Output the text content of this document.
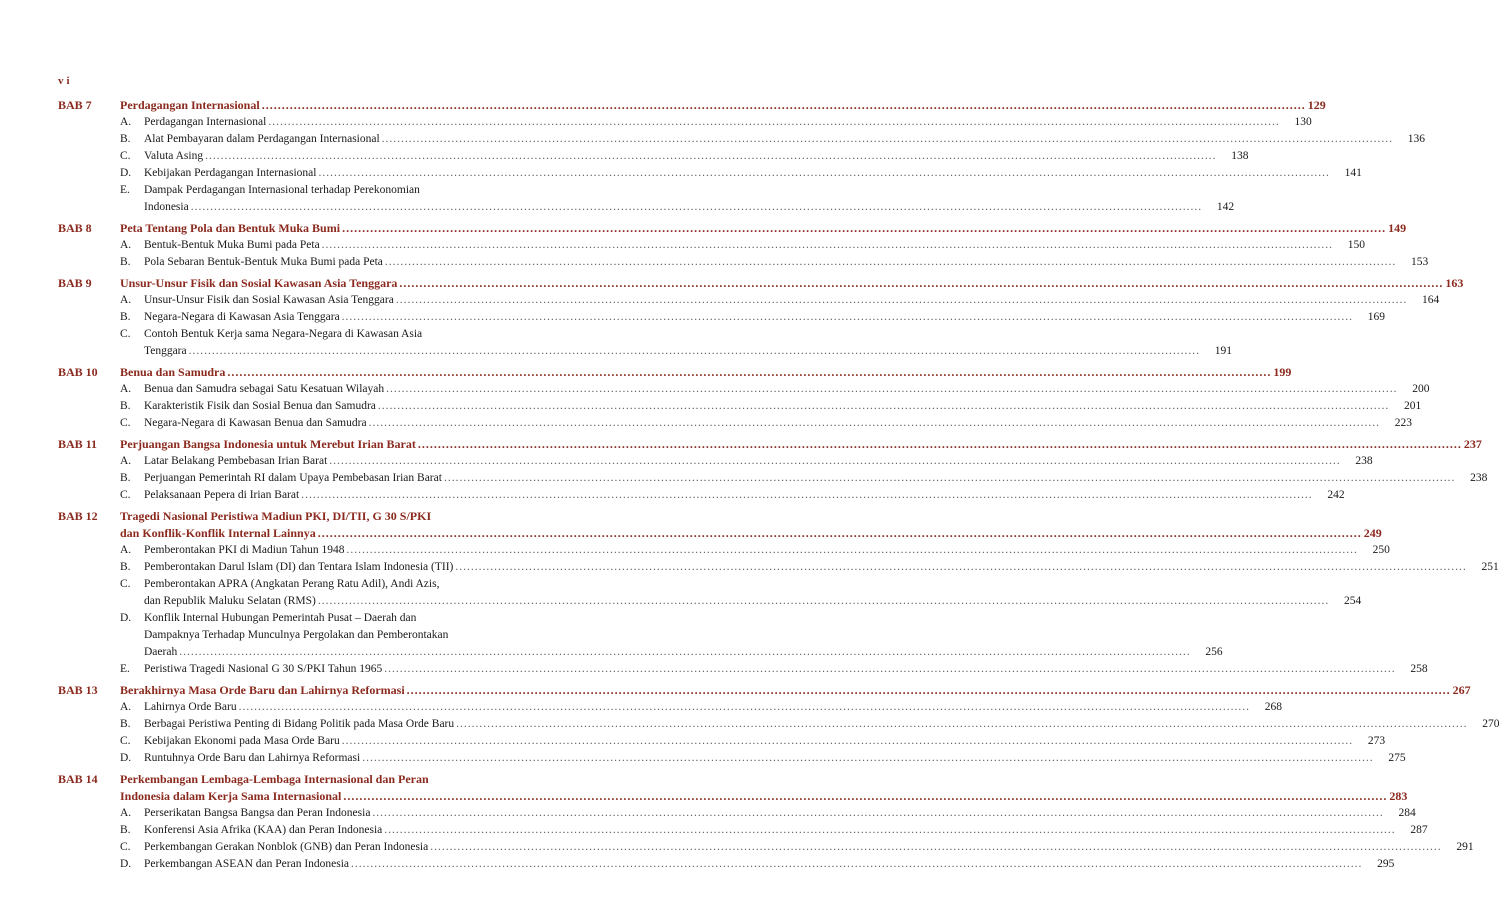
vi
BAB 7	Perdagangan Internasional .....	129
A.	Perdagangan Internasional .....	130
B.	Alat Pembayaran dalam Perdagangan Internasional .....	136
C.	Valuta Asing .....	138
D.	Kebijakan Perdagangan Internasional .....	141
E.	Dampak Perdagangan Internasional terhadap Perekonomian
Indonesia .....	142
BAB 8	Peta Tentang Pola dan Bentuk Muka Bumi .....	149
A.	Bentuk-Bentuk Muka Bumi pada Peta .....	150
B.	Pola Sebaran Bentuk-Bentuk Muka Bumi pada Peta .....	153
BAB 9	Unsur-Unsur Fisik dan Sosial Kawasan Asia Tenggara .....	163
A.	Unsur-Unsur Fisik dan Sosial Kawasan Asia Tenggara .....	164
B.	Negara-Negara di Kawasan Asia Tenggara .....	169
C.	Contoh Bentuk Kerja sama Negara-Negara di Kawasan Asia
Tenggara .....	191
BAB 10	Benua dan Samudra .....	199
A.	Benua dan Samudra sebagai Satu Kesatuan Wilayah .....	200
B.	Karakteristik Fisik dan Sosial Benua dan Samudra .....	201
C.	Negara-Negara di Kawasan Benua dan Samudra .....	223
BAB 11	Perjuangan Bangsa Indonesia untuk Merebut Irian Barat .....	237
A.	Latar Belakang Pembebasan Irian Barat .....	238
B.	Perjuangan Pemerintah RI dalam Upaya Pembebasan Irian Barat .....	238
C.	Pelaksanaan Pepera di Irian Barat .....	242
BAB 12	Tragedi Nasional Peristiwa Madiun PKI, DI/TII, G 30 S/PKI
dan Konflik-Konflik Internal Lainnya .....	249
A.	Pemberontakan PKI di Madiun Tahun 1948 .....	250
B.	Pemberontakan Darul Islam (DI) dan Tentara Islam Indonesia (TII) .....	251
C.	Pemberontakan APRA (Angkatan Perang Ratu Adil), Andi Azis,
dan Republik Maluku Selatan (RMS) .....	254
D.	Konflik Internal Hubungan Pemerintah Pusat – Daerah dan
Dampaknya Terhadap Munculnya Pergolakan dan Pemberontakan
Daerah .....	256
E.	Peristiwa Tragedi Nasional G 30 S/PKI Tahun 1965 .....	258
BAB 13	Berakhirnya Masa Orde Baru dan Lahirnya Reformasi .....	267
A.	Lahirnya Orde Baru .....	268
B.	Berbagai Peristiwa Penting di Bidang Politik pada Masa Orde Baru .....	270
C.	Kebijakan Ekonomi pada Masa Orde Baru .....	273
D.	Runtuhnya Orde Baru dan Lahirnya Reformasi .....	275
BAB 14	Perkembangan Lembaga-Lembaga Internasional dan Peran
Indonesia dalam Kerja Sama Internasional .....	283
A.	Perserikatan Bangsa Bangsa dan Peran Indonesia .....	284
B.	Konferensi Asia Afrika (KAA) dan Peran Indonesia .....	287
C.	Perkembangan Gerakan Nonblok (GNB) dan Peran Indonesia .....	291
D.	Perkembangan ASEAN dan Peran Indonesia .....	295
